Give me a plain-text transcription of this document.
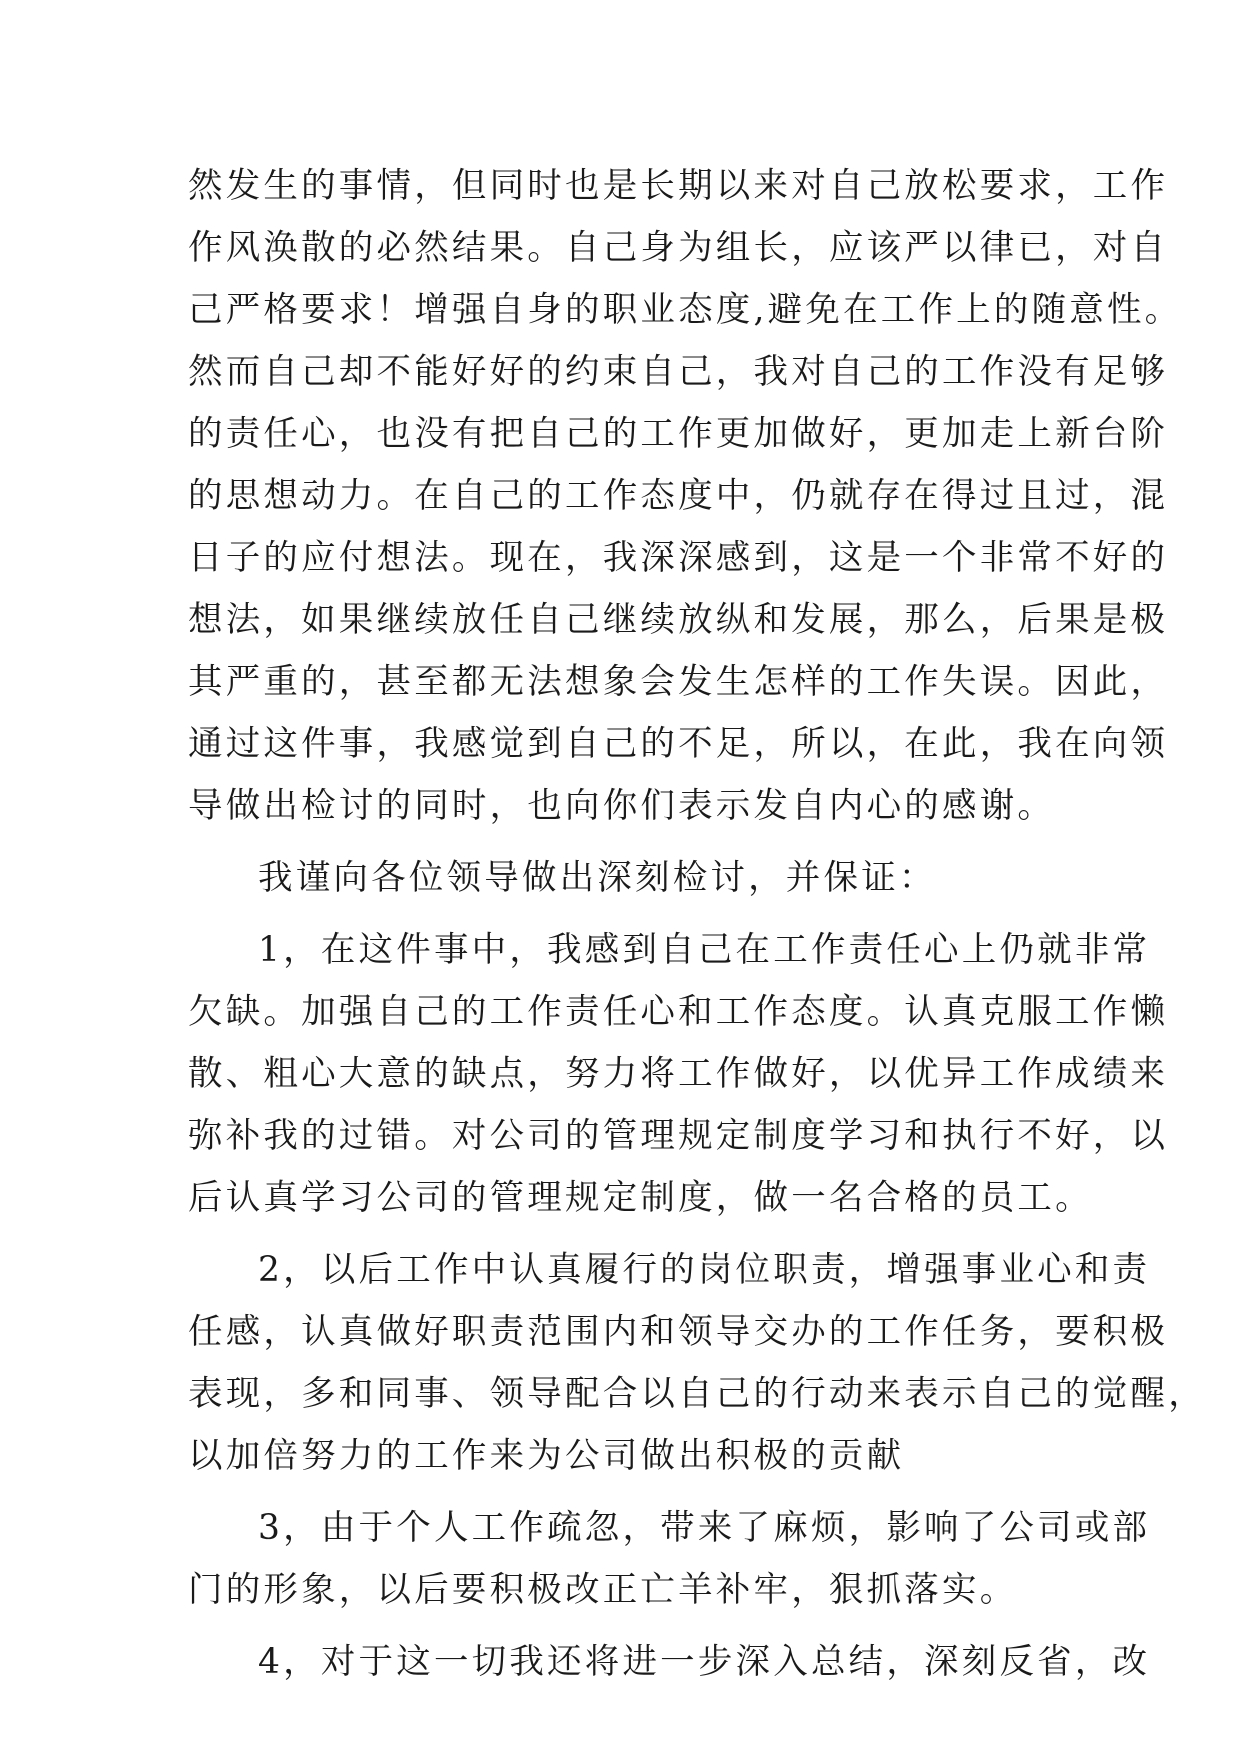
然发生的事情，但同时也是长期以来对自己放松要求，工作
作风涣散的必然结果。自己身为组长，应该严以律已，对自
己严格要求！增强自身的职业态度,避免在工作上的随意性。
然而自己却不能好好的约束自己，我对自己的工作没有足够
的责任心，也没有把自己的工作更加做好，更加走上新台阶
的思想动力。在自己的工作态度中，仍就存在得过且过，混
日子的应付想法。现在，我深深感到，这是一个非常不好的
想法，如果继续放任自己继续放纵和发展，那么，后果是极
其严重的，甚至都无法想象会发生怎样的工作失误。因此，
通过这件事，我感觉到自己的不足，所以，在此，我在向领
导做出检讨的同时，也向你们表示发自内心的感谢。
我谨向各位领导做出深刻检讨，并保证：
1，在这件事中，我感到自己在工作责任心上仍就非常
欠缺。加强自己的工作责任心和工作态度。认真克服工作懒
散、粗心大意的缺点，努力将工作做好，以优异工作成绩来
弥补我的过错。对公司的管理规定制度学习和执行不好，以
后认真学习公司的管理规定制度，做一名合格的员工。
2，以后工作中认真履行的岗位职责，增强事业心和责
任感，认真做好职责范围内和领导交办的工作任务，要积极
表现，多和同事、领导配合以自己的行动来表示自己的觉醒，
以加倍努力的工作来为公司做出积极的贡献
3，由于个人工作疏忽，带来了麻烦，影响了公司或部
门的形象，以后要积极改正亡羊补牢，狠抓落实。
4，对于这一切我还将进一步深入总结，深刻反省，改
